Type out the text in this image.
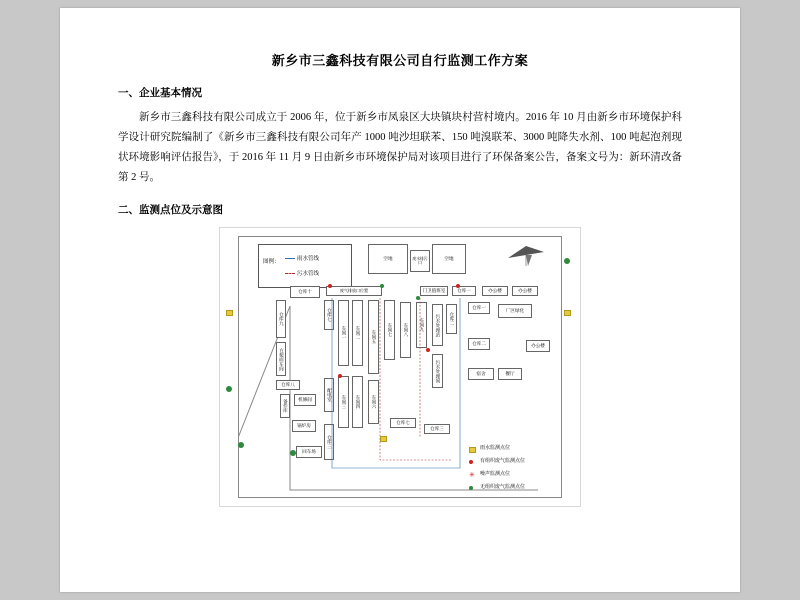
新乡市三鑫科技有限公司自行监测工作方案
一、企业基本情况
新乡市三鑫科技有限公司成立于 2006 年，位于新乡市凤泉区大块镇块村营村境内。2016 年 10 月由新乡市环境保护科学设计研究院编制了《新乡市三鑫科技有限公司年产 1000 吨沙坦联苯、150 吨溴联苯、3000 吨降失水剂、100 吨起泡剂现状环境影响评估报告》，于 2016 年 11 月 9 日由新乡市环境保护局对该项目进行了环保备案公告，备案文号为：新环清改备 第 2 号。
二、监测点位及示意图
图例：	雨水管线
污水管线
空地	废水排污口
空地
仓库十	废气排放口位置	门卫值班室	仓库一	办公楼	办公楼
仓库九
方便面车间
仓库八
备件库	机修间
锅炉房
回车场
仓库七
配电室
仓库三
车间一	车间二
车间三	车间四
车间五
车间六
车间七	车间八	车间九	污水处理站	仓库二
污水处理间
仓库一
仓库二
厂区绿化
宿舍	餐厅
办公楼
仓库七
仓库三
雨水监测点位
有组织废气监测点位
✳ 噪声监测点位
无组织废气监测点位
